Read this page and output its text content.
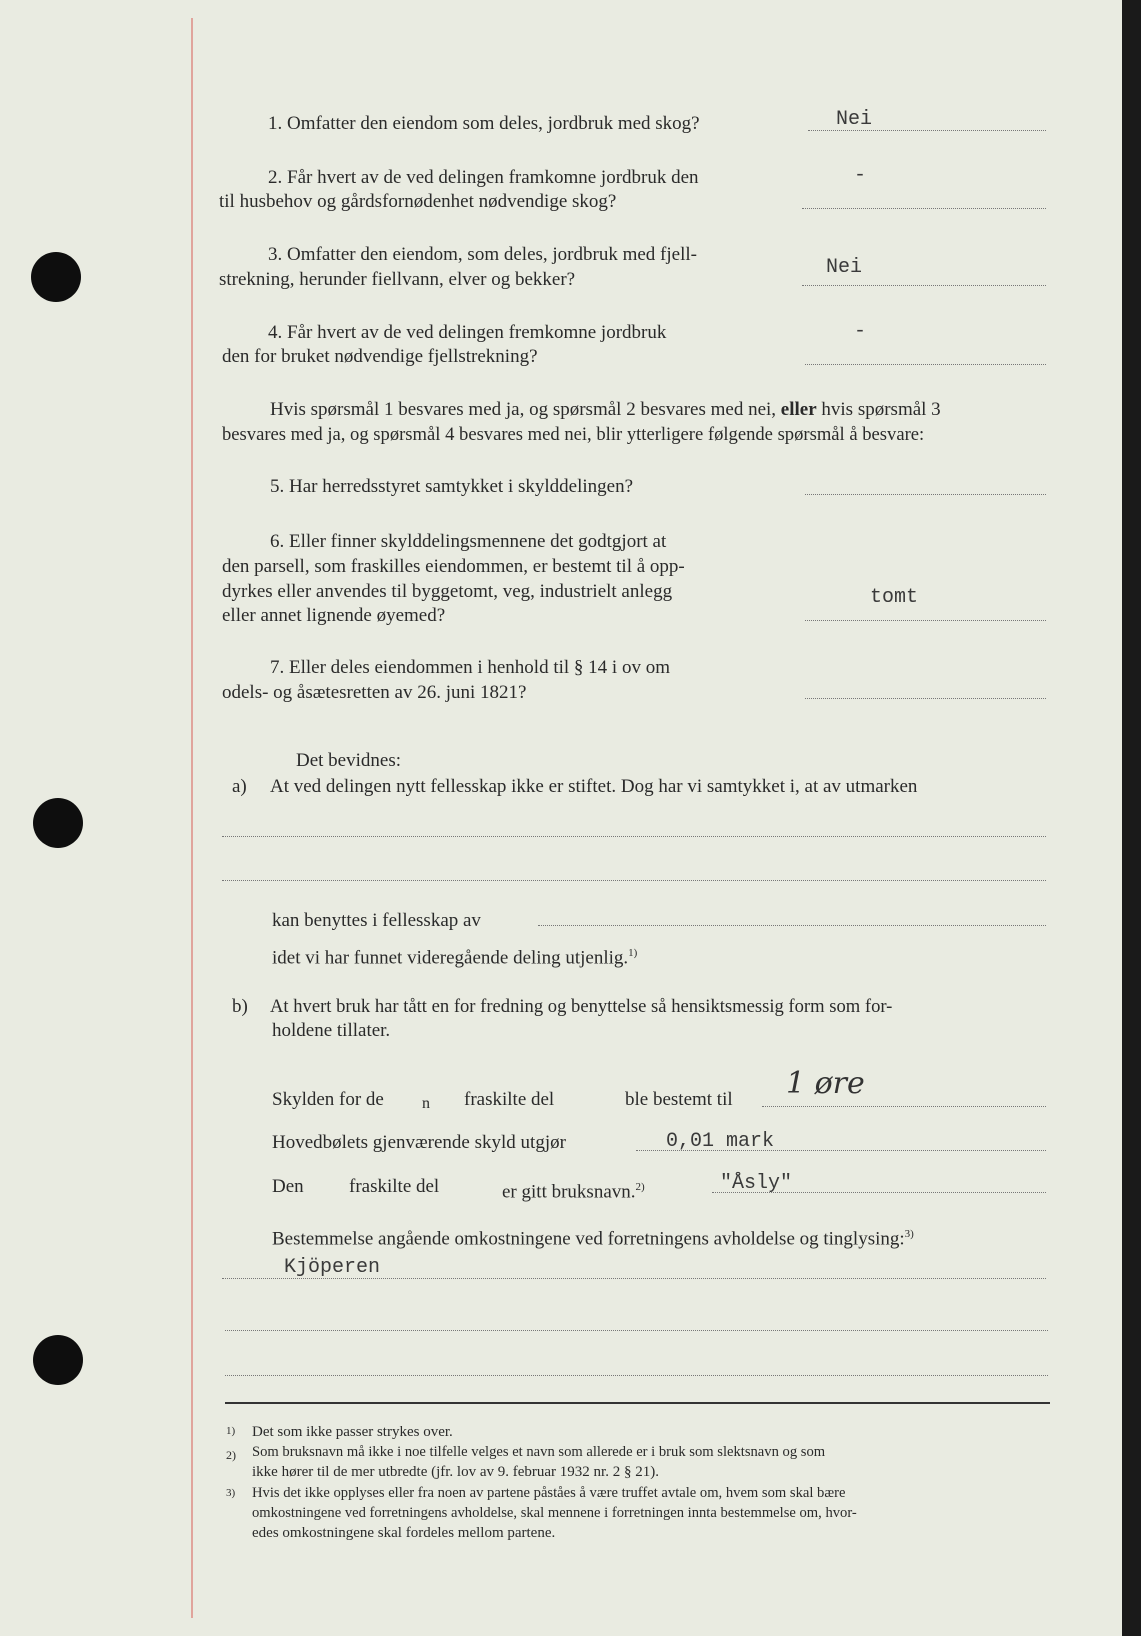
1. Omfatter den eiendom som deles, jordbruk med skog?	Nei
2. Får hvert av de ved delingen framkomne jordbruk den
til husbehov og gårdsfornødenhet nødvendige skog?
-
3. Omfatter den eiendom, som deles, jordbruk med fjell-
strekning, herunder fiellvann, elver og bekker?
Nei
4. Får hvert av de ved delingen fremkomne jordbruk
den for bruket nødvendige fjellstrekning?
-
Hvis spørsmål 1 besvares med ja, og spørsmål 2 besvares med nei, eller hvis spørsmål 3
besvares med ja, og spørsmål 4 besvares med nei, blir ytterligere følgende spørsmål å besvare:
5. Har herredsstyret samtykket i skylddelingen?
6. Eller finner skylddelingsmennene det godtgjort at
den parsell, som fraskilles eiendommen, er bestemt til å opp-
dyrkes eller anvendes til byggetomt, veg, industrielt anlegg
eller annet lignende øyemed?
tomt
7. Eller deles eiendommen i henhold til § 14 i ov om
odels- og åsætesretten av 26. juni 1821?
Det bevidnes:
a) At ved delingen nytt fellesskap ikke er stiftet. Dog har vi samtykket i, at av utmarken
kan benyttes i fellesskap av
idet vi har funnet videregående deling utjenlig.$^{1)}$
b) At hvert bruk har tått en for fredning og benyttelse så hensiktsmessig form som for-
holdene tillater.
Skylden for de n fraskilte del	ble bestemt til 1 øre
Hovedbølets gjenværende skyld utgjør	0,01 mark
Den fraskilte del	er gitt bruksnavn.$^{2)}$	"Åsly"
Bestemmelse angående omkostningene ved forretningens avholdelse og tinglysing:$^{3)}$
Kjöperen
1) Det som ikke passer strykes over.
2) Som bruksnavn må ikke i noe tilfelle velges et navn som allerede er i bruk som slektsnavn og som
ikke hører til de mer utbredte (jfr. lov av 9. februar 1932 nr. 2 § 21).
3) Hvis det ikke opplyses eller fra noen av partene påståes å være truffet avtale om, hvem som skal bære
omkostningene ved forretningens avholdelse, skal mennene i forretningen innta bestemmelse om, hvor-
edes omkostningene skal fordeles mellom partene.
